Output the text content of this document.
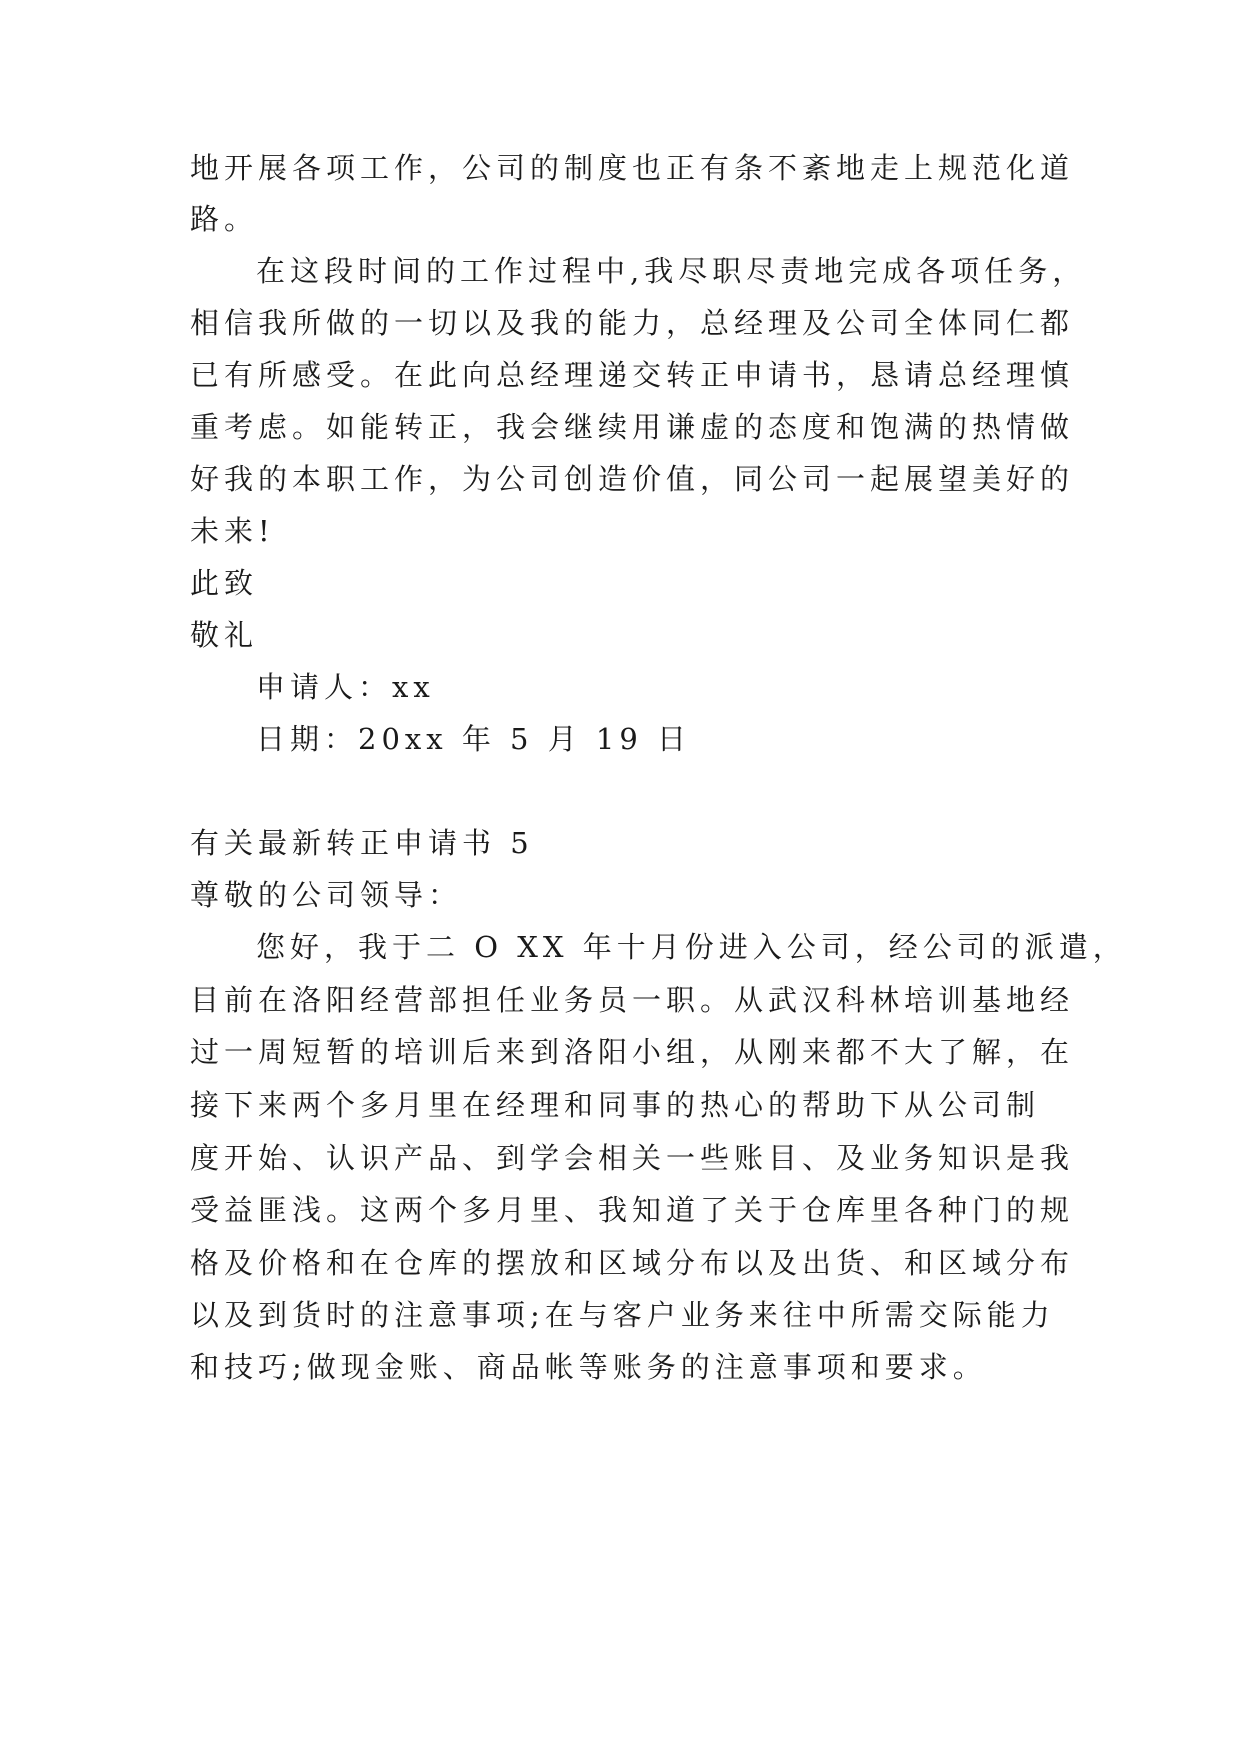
地开展各项工作，公司的制度也正有条不紊地走上规范化道
路。
在这段时间的工作过程中,我尽职尽责地完成各项任务，
相信我所做的一切以及我的能力，总经理及公司全体同仁都
已有所感受。在此向总经理递交转正申请书，恳请总经理慎
重考虑。如能转正，我会继续用谦虚的态度和饱满的热情做
好我的本职工作，为公司创造价值，同公司一起展望美好的
未来!
此致
敬礼
申请人：xx
日期：20xx 年 5 月 19 日
有关最新转正申请书 5
尊敬的公司领导：
您好，我于二 O XX 年十月份进入公司，经公司的派遣，
目前在洛阳经营部担任业务员一职。从武汉科林培训基地经
过一周短暂的培训后来到洛阳小组，从刚来都不大了解，在
接下来两个多月里在经理和同事的热心的帮助下从公司制
度开始、认识产品、到学会相关一些账目、及业务知识是我
受益匪浅。这两个多月里、我知道了关于仓库里各种门的规
格及价格和在仓库的摆放和区域分布以及出货、和区域分布
以及到货时的注意事项;在与客户业务来往中所需交际能力
和技巧;做现金账、商品帐等账务的注意事项和要求。
